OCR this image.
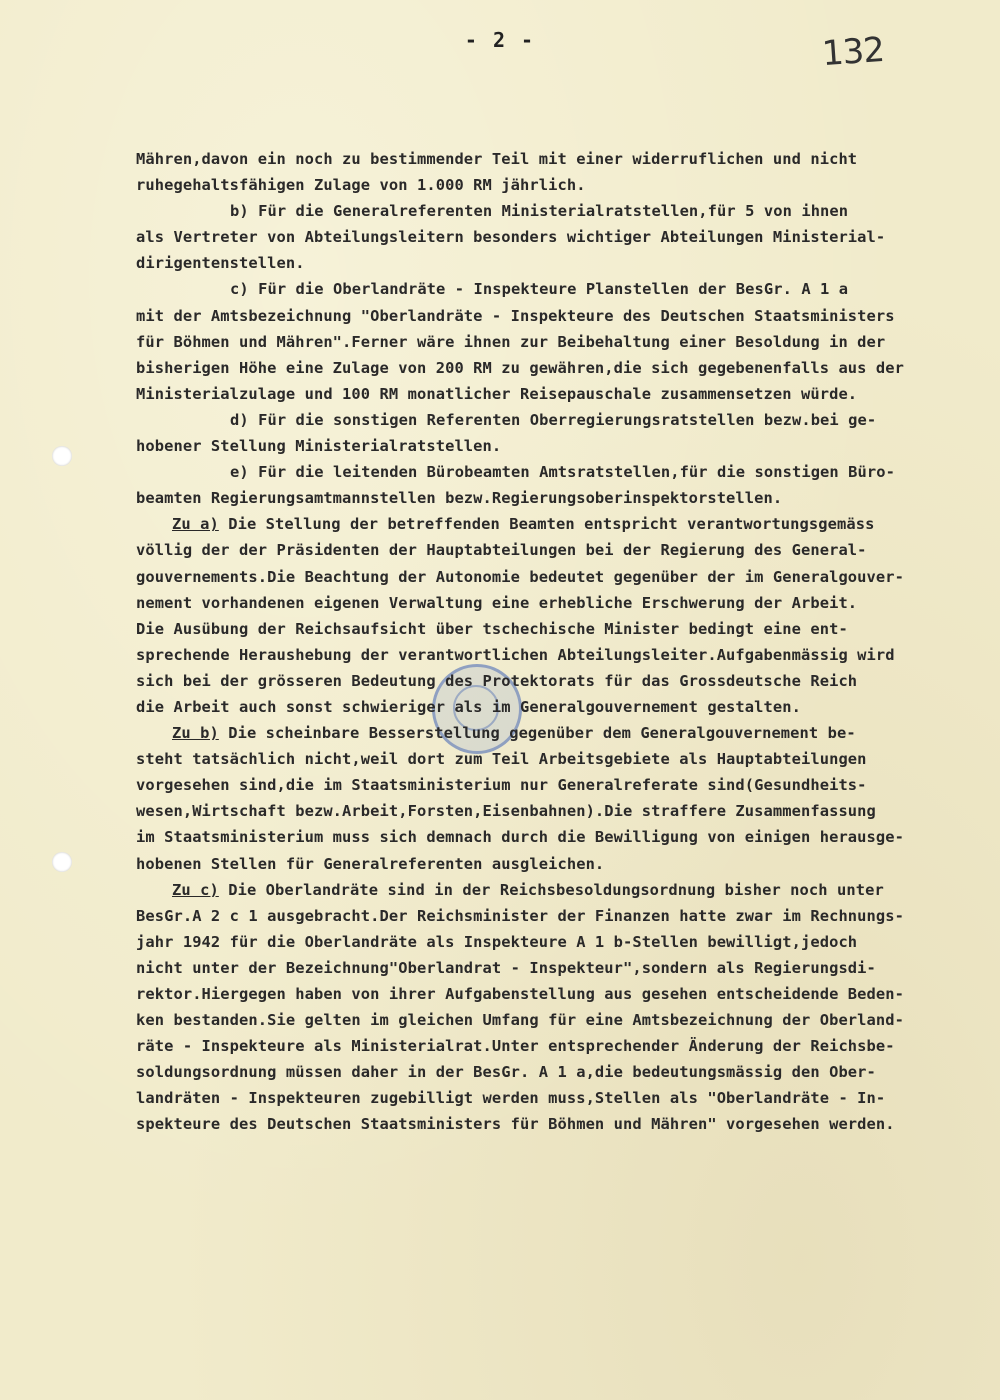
- 2 -	132
Mähren,davon ein noch zu bestimmender Teil mit einer widerruflichen und nicht
ruhegehaltsfähigen Zulage von 1.000 RM jährlich.
b) Für die Generalreferenten Ministerialratstellen,für 5 von ihnen
als Vertreter von Abteilungsleitern besonders wichtiger Abteilungen Ministerial-
dirigentenstellen.
c) Für die Oberlandräte - Inspekteure Planstellen der BesGr. A 1 a
mit der Amtsbezeichnung "Oberlandräte - Inspekteure des Deutschen Staatsministers
für Böhmen und Mähren".Ferner wäre ihnen zur Beibehaltung einer Besoldung in der
bisherigen Höhe eine Zulage von 200 RM zu gewähren,die sich gegebenenfalls aus der
Ministerialzulage und 100 RM monatlicher Reisepauschale zusammensetzen würde.
d) Für die sonstigen Referenten Oberregierungsratstellen bezw.bei ge-
hobener Stellung Ministerialratstellen.
e) Für die leitenden Bürobeamten Amtsratstellen,für die sonstigen Büro-
beamten Regierungsamtmannstellen bezw.Regierungsoberinspektorstellen.
Zu a) Die Stellung der betreffenden Beamten entspricht verantwortungsgemäss
völlig der der Präsidenten der Hauptabteilungen bei der Regierung des General-
gouvernements.Die Beachtung der Autonomie bedeutet gegenüber der im Generalgouver-
nement vorhandenen eigenen Verwaltung eine erhebliche Erschwerung der Arbeit.
Die Ausübung der Reichsaufsicht über tschechische Minister bedingt eine ent-
sprechende Heraushebung der verantwortlichen Abteilungsleiter.Aufgabenmässig wird
sich bei der grösseren Bedeutung des Protektorats für das Grossdeutsche Reich
die Arbeit auch sonst schwieriger als im Generalgouvernement gestalten.
Zu b) Die scheinbare Besserstellung gegenüber dem Generalgouvernement be-
steht tatsächlich nicht,weil dort zum Teil Arbeitsgebiete als Hauptabteilungen
vorgesehen sind,die im Staatsministerium nur Generalreferate sind(Gesundheits-
wesen,Wirtschaft bezw.Arbeit,Forsten,Eisenbahnen).Die straffere Zusammenfassung
im Staatsministerium muss sich demnach durch die Bewilligung von einigen herausge-
hobenen Stellen für Generalreferenten ausgleichen.
Zu c) Die Oberlandräte sind in der Reichsbesoldungsordnung bisher noch unter
BesGr.A 2 c 1 ausgebracht.Der Reichsminister der Finanzen hatte zwar im Rechnungs-
jahr 1942 für die Oberlandräte als Inspekteure A 1 b-Stellen bewilligt,jedoch
nicht unter der Bezeichnung"Oberlandrat - Inspekteur",sondern als Regierungsdi-
rektor.Hiergegen haben von ihrer Aufgabenstellung aus gesehen entscheidende Beden-
ken bestanden.Sie gelten im gleichen Umfang für eine Amtsbezeichnung der Oberland-
räte - Inspekteure als Ministerialrat.Unter entsprechender Änderung der Reichsbe-
soldungsordnung müssen daher in der BesGr. A 1 a,die bedeutungsmässig den Ober-
landräten - Inspekteuren zugebilligt werden muss,Stellen als "Oberlandräte - In-
spekteure des Deutschen Staatsministers für Böhmen und Mähren" vorgesehen werden.
